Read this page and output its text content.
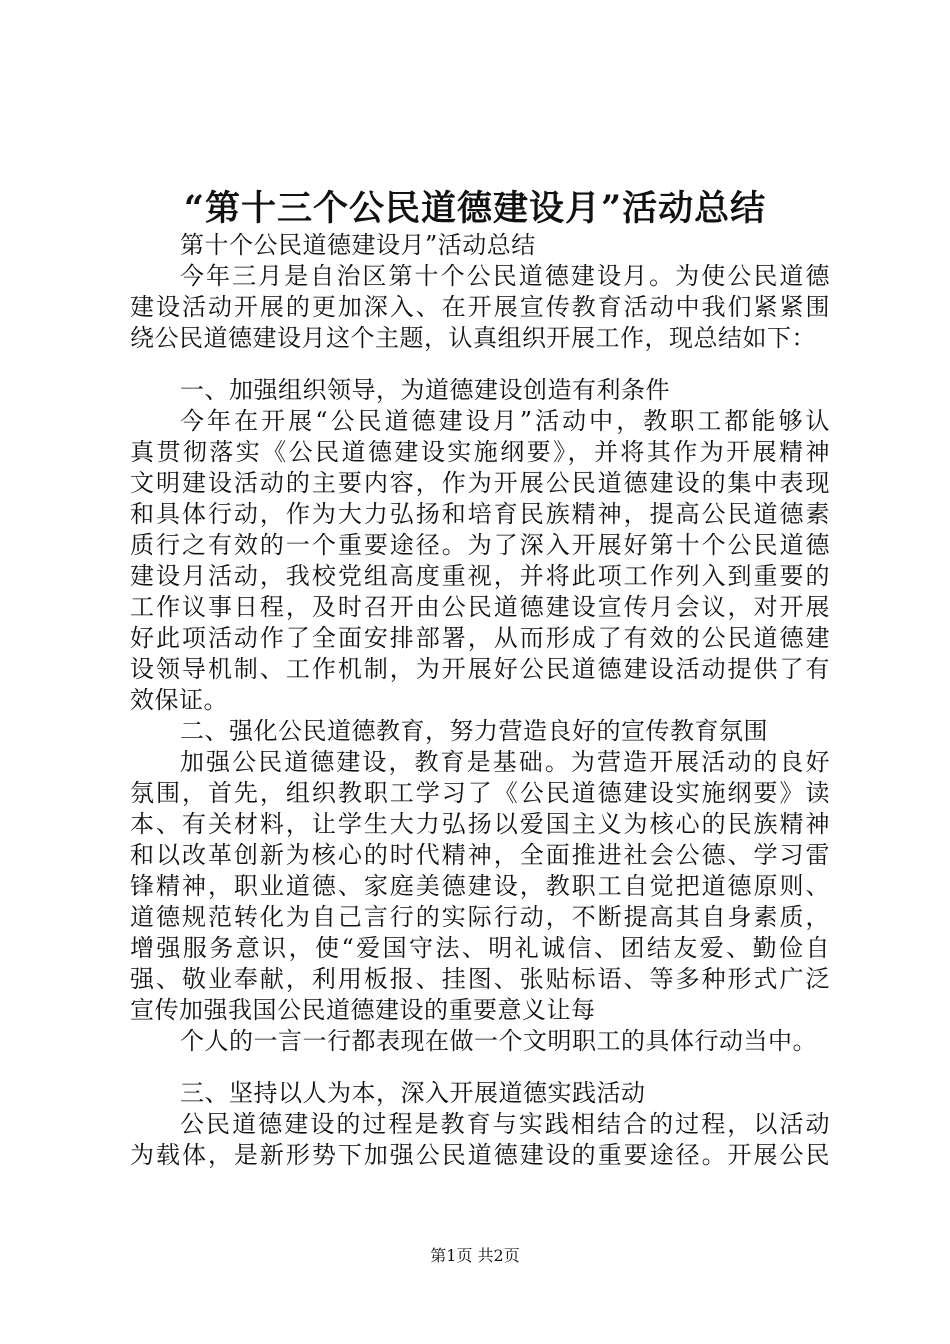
“第十三个公民道德建设月”活动总结
第十个公民道德建设月”活动总结
今年三月是自治区第十个公民道德建设月。为使公民道德
建设活动开展的更加深入、在开展宣传教育活动中我们紧紧围
绕公民道德建设月这个主题，认真组织开展工作，现总结如下：
一、加强组织领导，为道德建设创造有利条件
今年在开展“公民道德建设月”活动中，教职工都能够认
真贯彻落实《公民道德建设实施纲要》，并将其作为开展精神
文明建设活动的主要内容，作为开展公民道德建设的集中表现
和具体行动，作为大力弘扬和培育民族精神，提高公民道德素
质行之有效的一个重要途径。为了深入开展好第十个公民道德
建设月活动，我校党组高度重视，并将此项工作列入到重要的
工作议事日程，及时召开由公民道德建设宣传月会议，对开展
好此项活动作了全面安排部署，从而形成了有效的公民道德建
设领导机制、工作机制，为开展好公民道德建设活动提供了有
效保证。
二、强化公民道德教育，努力营造良好的宣传教育氛围
加强公民道德建设，教育是基础。为营造开展活动的良好
氛围，首先，组织教职工学习了《公民道德建设实施纲要》读
本、有关材料，让学生大力弘扬以爱国主义为核心的民族精神
和以改革创新为核心的时代精神，全面推进社会公德、学习雷
锋精神，职业道德、家庭美德建设，教职工自觉把道德原则、
道德规范转化为自己言行的实际行动，不断提高其自身素质，
增强服务意识，使“爱国守法、明礼诚信、团结友爱、勤俭自
强、敬业奉献，利用板报、挂图、张贴标语、等多种形式广泛
宣传加强我国公民道德建设的重要意义让每
个人的一言一行都表现在做一个文明职工的具体行动当中。
三、坚持以人为本，深入开展道德实践活动
公民道德建设的过程是教育与实践相结合的过程，以活动
为载体，是新形势下加强公民道德建设的重要途径。开展公民
第1页 共2页
